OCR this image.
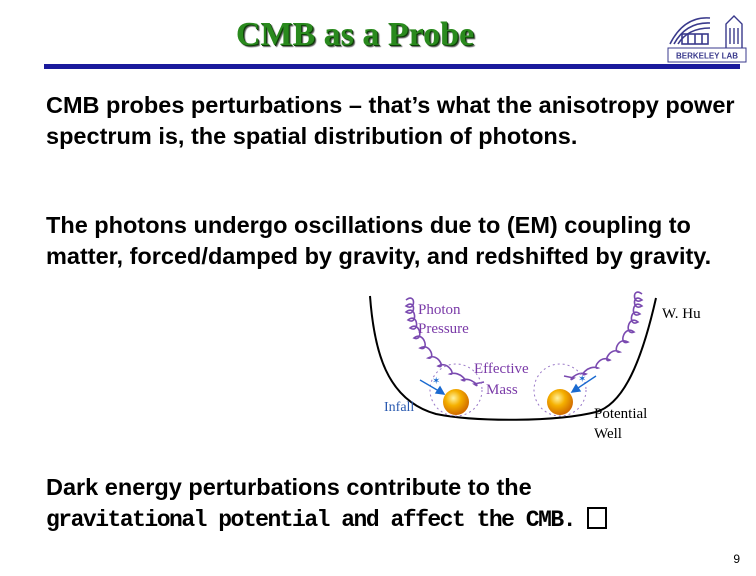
CMB as a Probe
BERKELEY LAB
CMB probes perturbations – that’s what the anisotropy power spectrum is, the spatial distribution of photons.
The photons undergo oscillations due to (EM) coupling to matter, forced/damped by gravity, and redshifted by gravity.
✶	✶
Photon
Pressure
Effective
Mass
Infall	Potential
Well
W. Hu
Dark energy perturbations contribute to the
gravitational potential and affect the CMB.
9
